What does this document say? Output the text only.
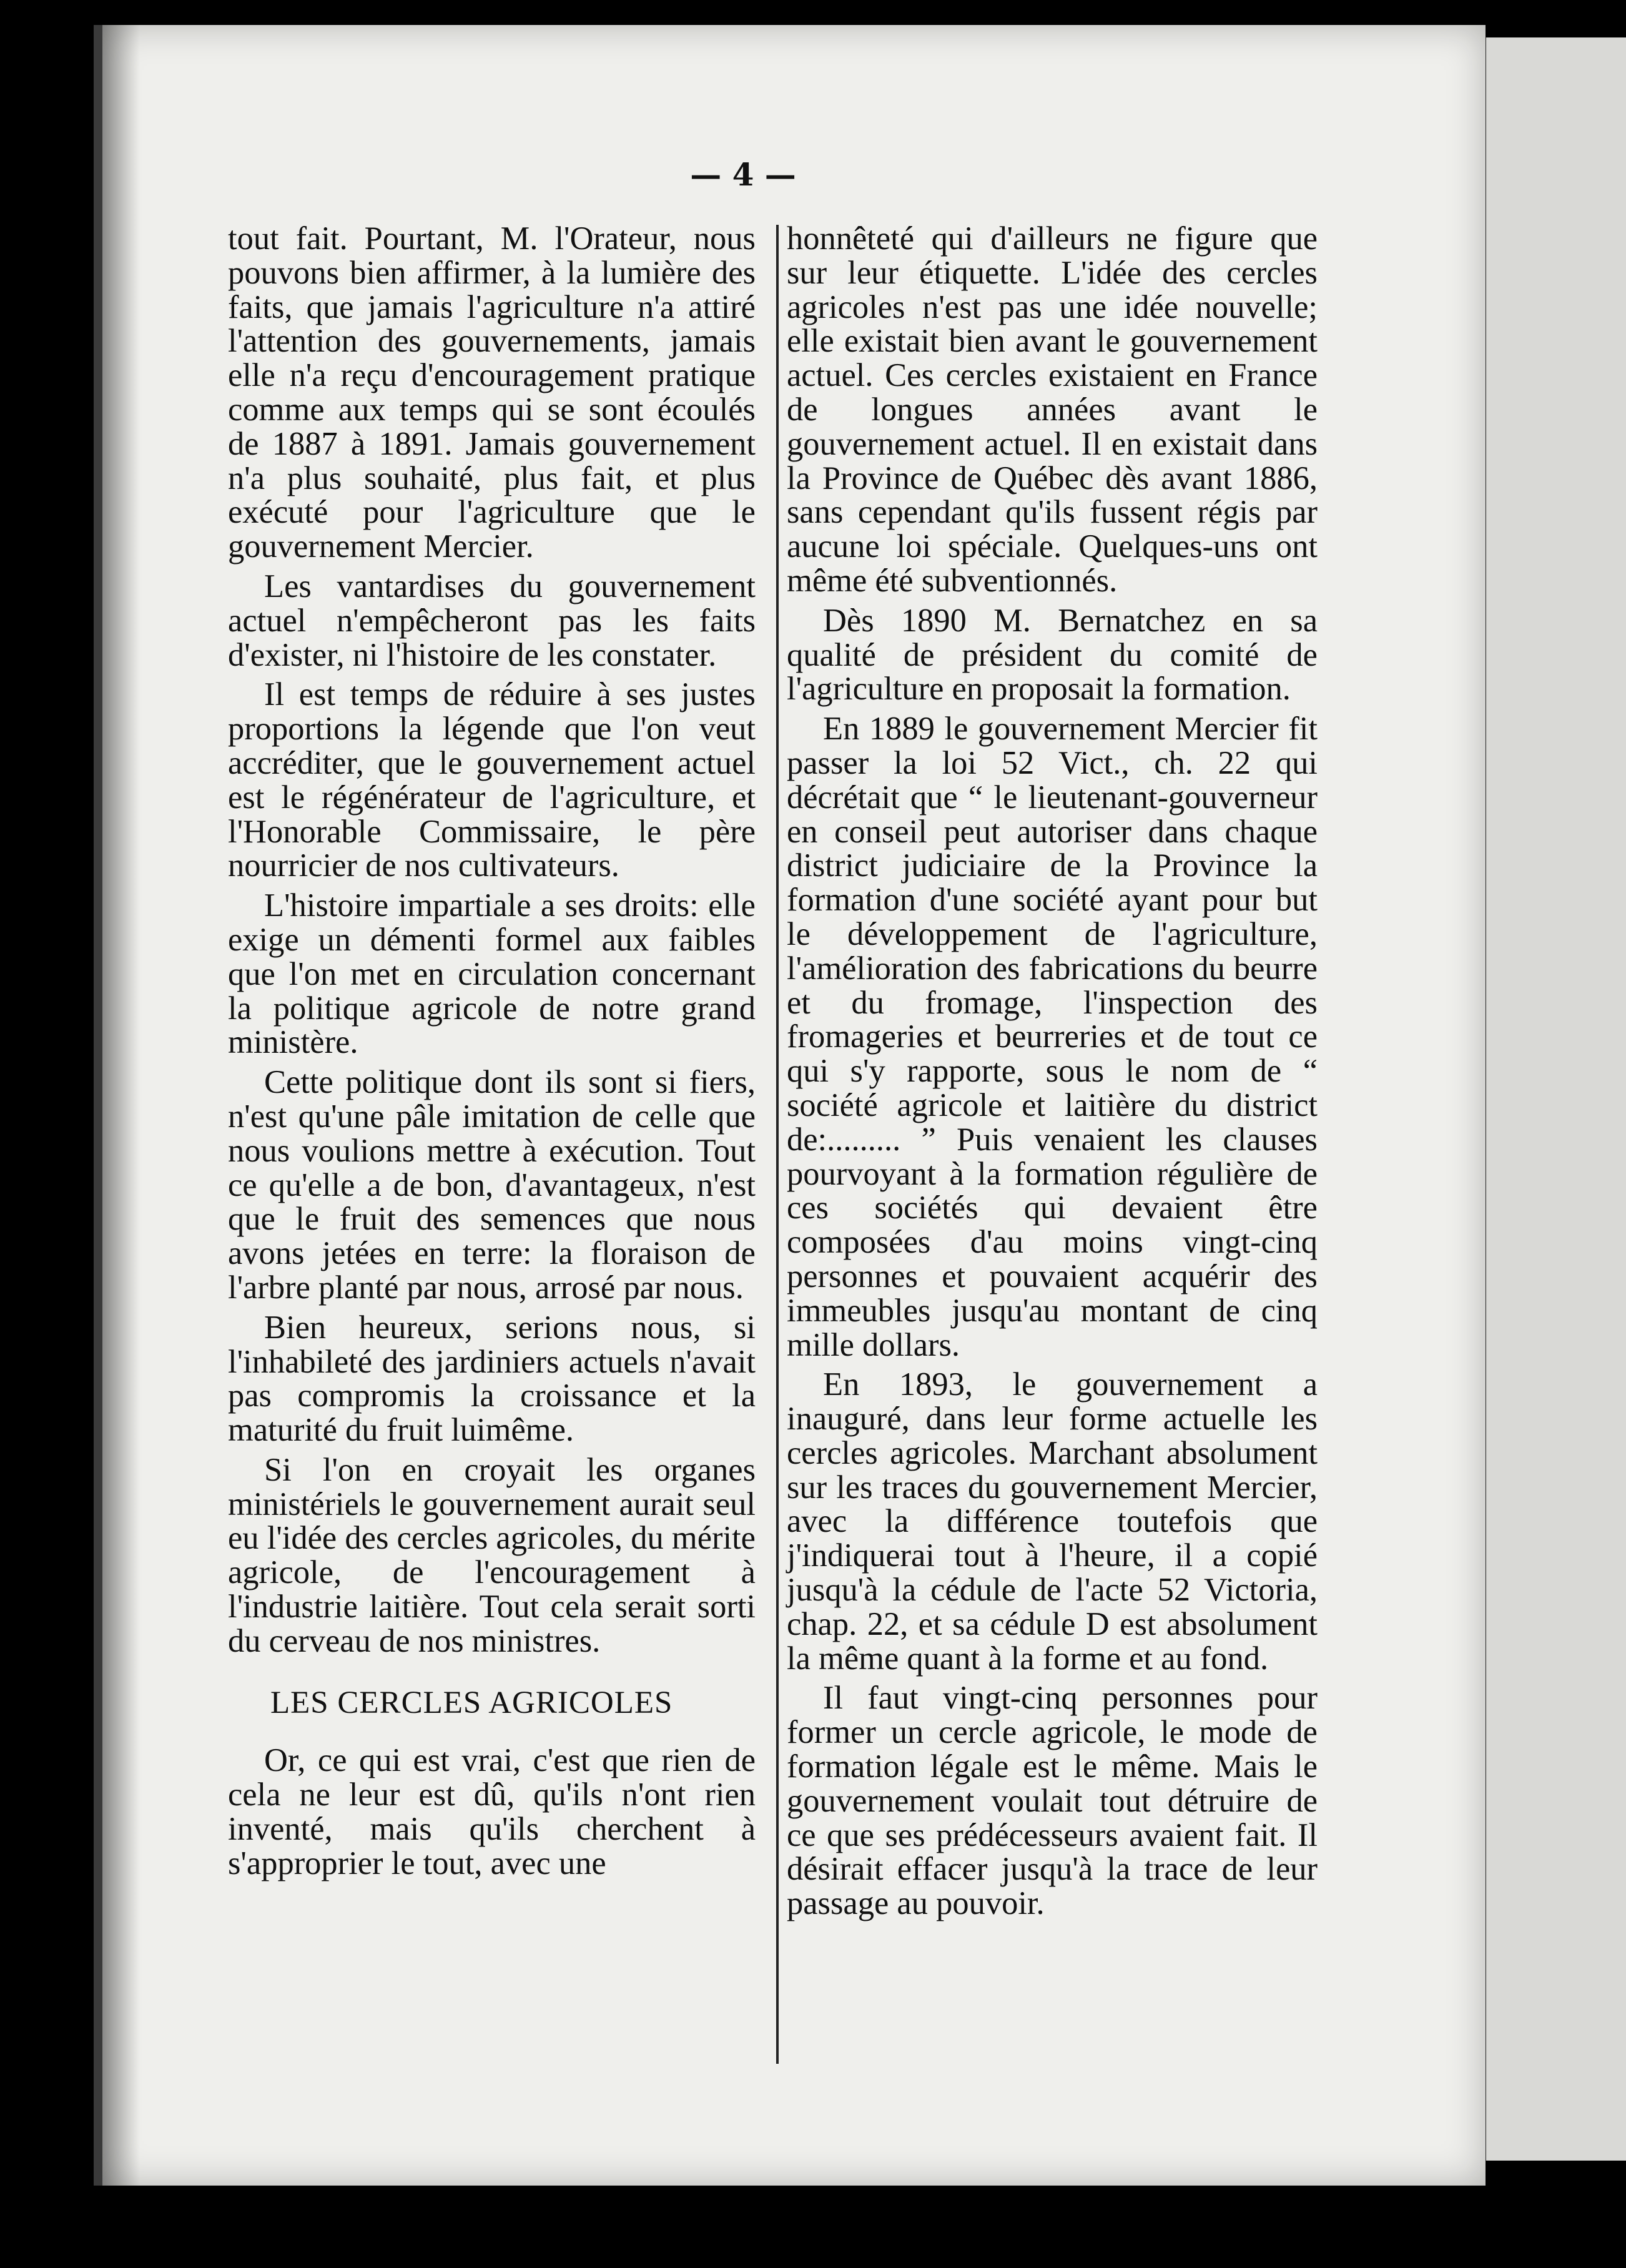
— 4 —

tout fait. Pourtant, M. l'Orateur, nous pouvons bien affirmer, à la lumière des faits, que jamais l'agriculture n'a attiré l'attention des gouvernements, jamais elle n'a reçu d'encouragement pratique comme aux temps qui se sont écoulés de 1887 à 1891. Jamais gouvernement n'a plus souhaité, plus fait, et plus exécuté pour l'agriculture que le gouvernement Mercier.

Les vantardises du gouvernement actuel n'empêcheront pas les faits d'exister, ni l'histoire de les constater.

Il est temps de réduire à ses justes proportions la légende que l'on veut accréditer, que le gouvernement actuel est le régénérateur de l'agriculture, et l'Honorable Commissaire, le père nourricier de nos cultivateurs.

L'histoire impartiale a ses droits: elle exige un démenti formel aux faibles que l'on met en circulation concernant la politique agricole de notre grand ministère.

Cette politique dont ils sont si fiers, n'est qu'une pâle imitation de celle que nous voulions mettre à exécution. Tout ce qu'elle a de bon, d'avantageux, n'est que le fruit des semences que nous avons jetées en terre: la floraison de l'arbre planté par nous, arrosé par nous.

Bien heureux, serions nous, si l'inhabileté des jardiniers actuels n'avait pas compromis la croissance et la maturité du fruit luimême.

Si l'on en croyait les organes ministériels le gouvernement aurait seul eu l'idée des cercles agricoles, du mérite agricole, de l'encouragement à l'industrie laitière. Tout cela serait sorti du cerveau de nos ministres.

LES CERCLES AGRICOLES

Or, ce qui est vrai, c'est que rien de cela ne leur est dû, qu'ils n'ont rien inventé, mais qu'ils cherchent à s'approprier le tout, avec une

honnêteté qui d'ailleurs ne figure que sur leur étiquette. L'idée des cercles agricoles n'est pas une idée nouvelle; elle existait bien avant le gouvernement actuel. Ces cercles existaient en France de longues années avant le gouvernement actuel. Il en existait dans la Province de Québec dès avant 1886, sans cependant qu'ils fussent régis par aucune loi spéciale. Quelques-uns ont même été subventionnés.

Dès 1890 M. Bernatchez en sa qualité de président du comité de l'agriculture en proposait la formation.

En 1889 le gouvernement Mercier fit passer la loi 52 Vict., ch. 22 qui décrétait que “ le lieutenant-gouverneur en conseil peut autoriser dans chaque district judiciaire de la Province la formation d'une société ayant pour but le développement de l'agriculture, l'amélioration des fabrications du beurre et du fromage, l'inspection des fromageries et beurreries et de tout ce qui s'y rapporte, sous le nom de “ société agricole et laitière du district de:......... ” Puis venaient les clauses pourvoyant à la formation régulière de ces sociétés qui devaient être composées d'au moins vingt-cinq personnes et pouvaient acquérir des immeubles jusqu'au montant de cinq mille dollars.

En 1893, le gouvernement a inauguré, dans leur forme actuelle les cercles agricoles. Marchant absolument sur les traces du gouvernement Mercier, avec la différence toutefois que j'indiquerai tout à l'heure, il a copié jusqu'à la cédule de l'acte 52 Victoria, chap. 22, et sa cédule D est absolument la même quant à la forme et au fond.

Il faut vingt-cinq personnes pour former un cercle agricole, le mode de formation légale est le même. Mais le gouvernement voulait tout détruire de ce que ses prédécesseurs avaient fait. Il désirait effacer jusqu'à la trace de leur passage au pouvoir.
